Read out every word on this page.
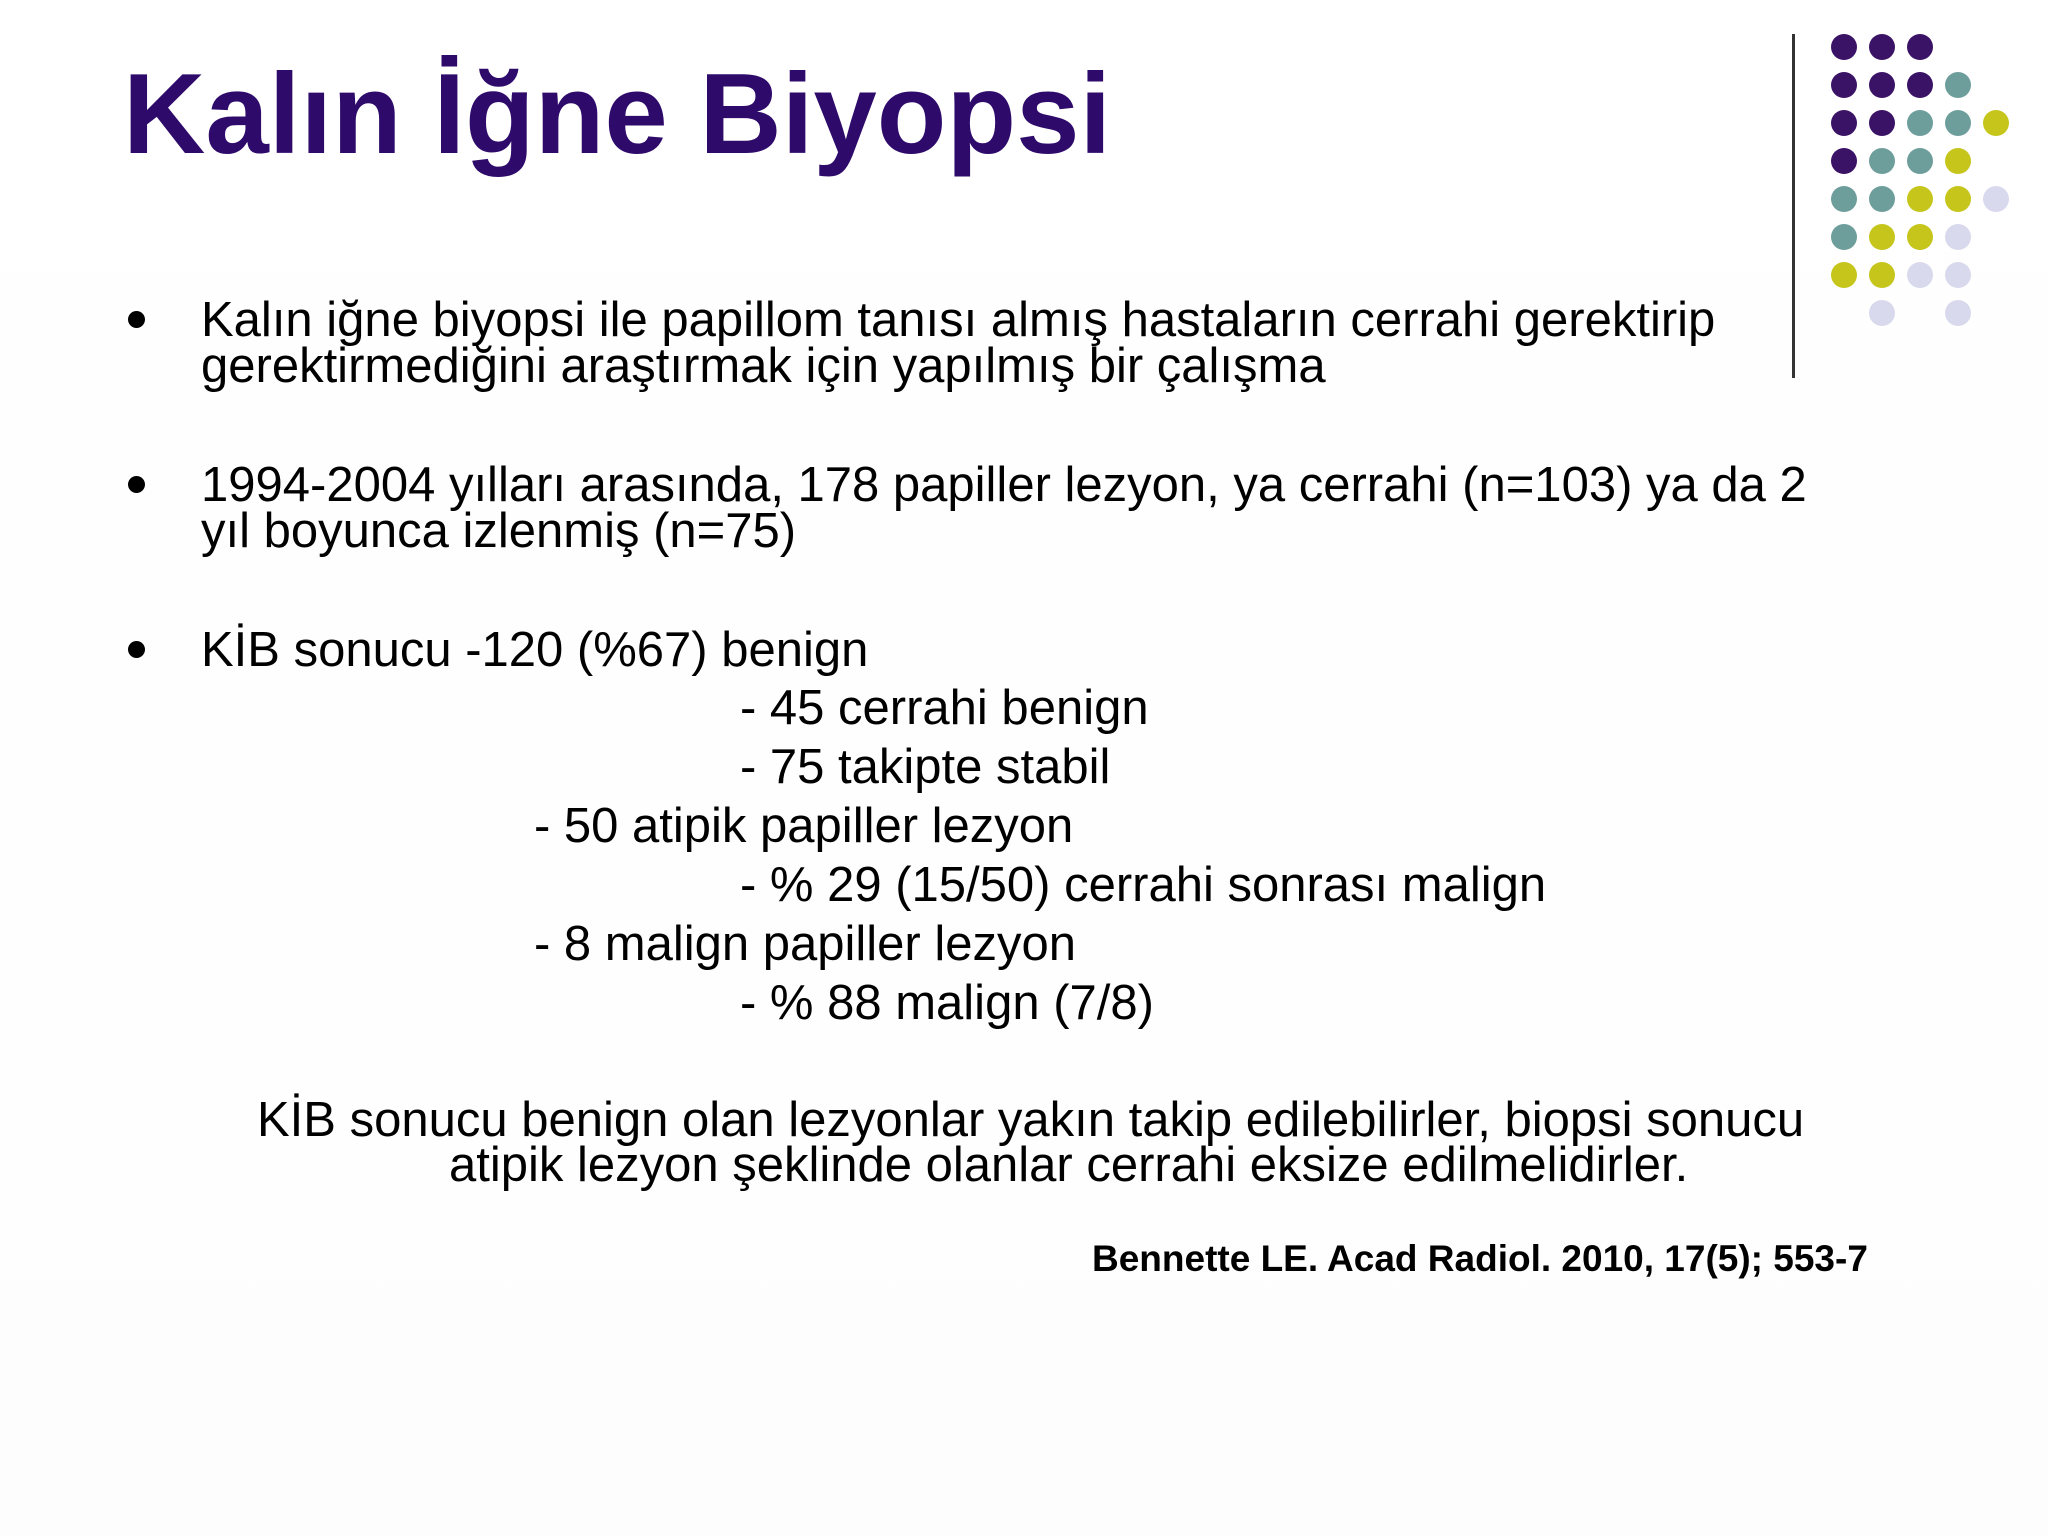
Kalın İğne Biyopsi
Kalın iğne biyopsi ile papillom tanısı almış hastaların cerrahi gerektirip
gerektirmediğini araştırmak için yapılmış bir çalışma
1994-2004 yılları arasında, 178 papiller lezyon, ya cerrahi (n=103) ya da 2
yıl boyunca izlenmiş (n=75)
KİB sonucu -120 (%67) benign
- 45 cerrahi benign
- 75 takipte stabil
- 50 atipik papiller lezyon
- % 29 (15/50) cerrahi sonrası malign
- 8 malign papiller lezyon
- % 88 malign (7/8)
KİB sonucu benign olan lezyonlar yakın takip edilebilirler, biopsi sonucu
atipik lezyon şeklinde olanlar cerrahi eksize edilmelidirler.
Bennette LE. Acad Radiol. 2010, 17(5); 553-7
